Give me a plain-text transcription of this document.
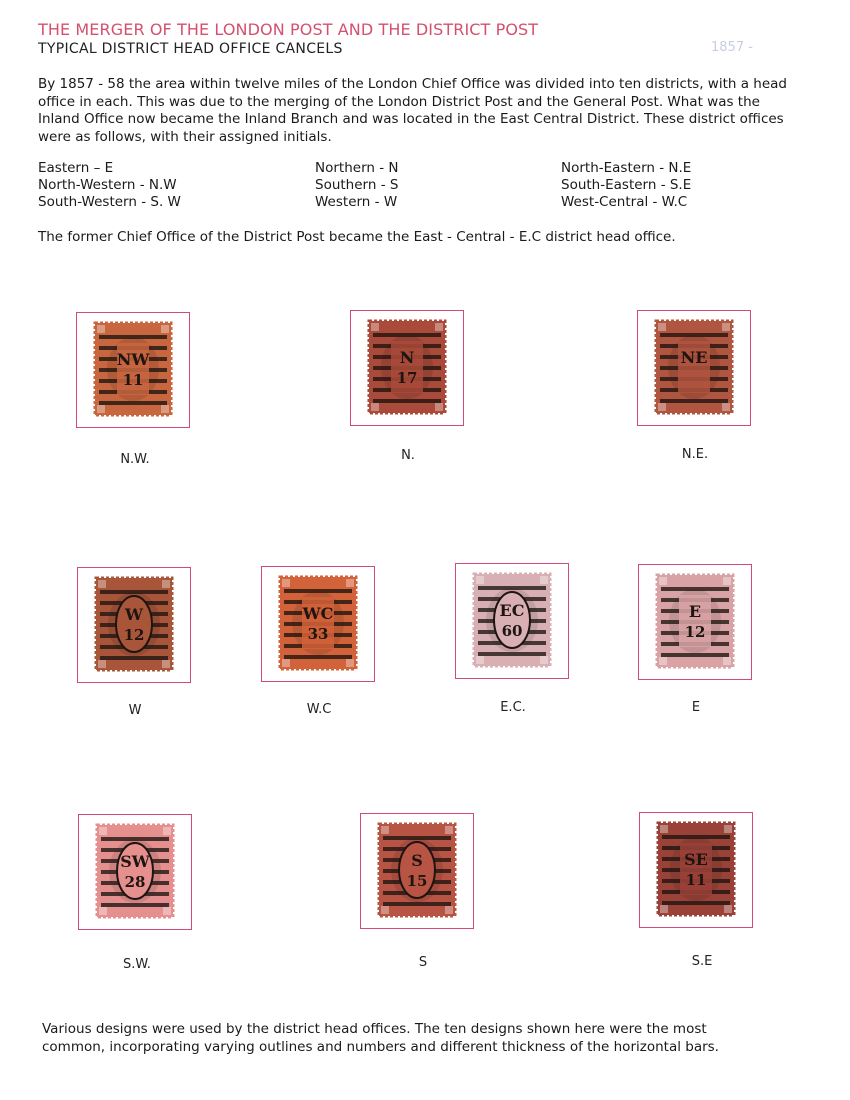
THE MERGER OF THE LONDON POST AND THE DISTRICT POST
TYPICAL DISTRICT HEAD OFFICE CANCELS	1857 -

By 1857 - 58 the area within twelve miles of the London Chief Office was divided into ten districts, with a head office in each. This was due to the merging of the London District Post and the General Post. What was the Inland Office now became the Inland Branch and was located in the East Central District. These district offices were as follows, with their assigned initials.

Eastern – E
North-Western - N.W
South-Western - S. W
Northern - N
Southern - S
Western - W
North-Eastern - N.E
South-Eastern - S.E
West-Central - W.C
The former Chief Office of the District Post became the East - Central - E.C district head office.
NW
11
N.W.
N
17
N.
NE
N.E.
W
12
W
WC
33
W.C
EC
60
E.C.
E
12
E
SW
28
S.W.
S
15
S
SE
11
S.E

Various designs were used by the district head offices. The ten designs shown here were the most common, incorporating varying outlines and numbers and different thickness of the horizontal bars.
